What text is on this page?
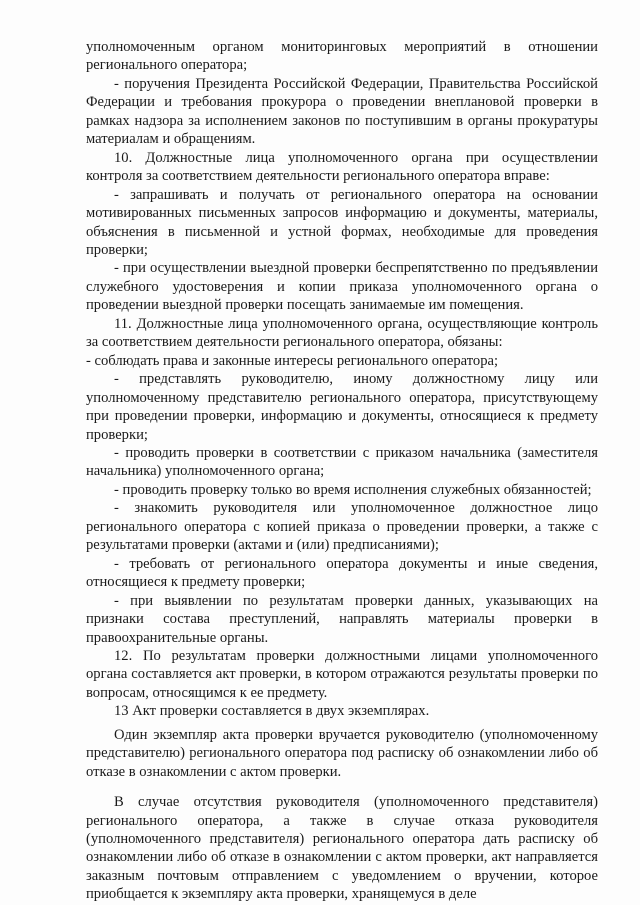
уполномоченным органом мониторинговых мероприятий в отношении регионального оператора;

- поручения Президента Российской Федерации, Правительства Российской Федерации и требования прокурора о проведении внеплановой проверки в рамках надзора за исполнением законов по поступившим в органы прокуратуры материалам и обращениям.

10. Должностные лица уполномоченного органа при осуществлении контроля за соответствием деятельности регионального оператора вправе:

- запрашивать и получать от регионального оператора на основании мотивированных письменных запросов информацию и документы, материалы, объяснения в письменной и устной формах, необходимые для проведения проверки;

- при осуществлении выездной проверки беспрепятственно по предъявлении служебного удостоверения и копии приказа уполномоченного органа о проведении выездной проверки посещать занимаемые им помещения.

11. Должностные лица уполномоченного органа, осуществляющие контроль за соответствием деятельности регионального оператора, обязаны:

- соблюдать права и законные интересы регионального оператора;

- представлять руководителю, иному должностному лицу или уполномоченному представителю регионального оператора, присутствующему при проведении проверки, информацию и документы, относящиеся к предмету проверки;

- проводить проверки в соответствии с приказом начальника (заместителя начальника) уполномоченного органа;

- проводить проверку только во время исполнения служебных обязанностей;

- знакомить руководителя или уполномоченное должностное лицо регионального оператора с копией приказа о проведении проверки, а также с результатами проверки (актами и (или) предписаниями);

- требовать от регионального оператора документы и иные сведения, относящиеся к предмету проверки;

- при выявлении по результатам проверки данных, указывающих на признаки состава преступлений, направлять материалы проверки в правоохранительные органы.

12. По результатам проверки должностными лицами уполномоченного органа составляется акт проверки, в котором отражаются результаты проверки по вопросам, относящимся к ее предмету.

13 Акт проверки составляется в двух экземплярах.

Один экземпляр акта проверки вручается руководителю (уполномоченному представителю) регионального оператора под расписку об ознакомлении либо об отказе в ознакомлении с актом проверки.

В случае отсутствия руководителя (уполномоченного представителя) регионального оператора, а также в случае отказа руководителя (уполномоченного представителя) регионального оператора дать расписку об ознакомлении либо об отказе в ознакомлении с актом проверки, акт направляется заказным почтовым отправлением с уведомлением о вручении, которое приобщается к экземпляру акта проверки, хранящемуся в деле
